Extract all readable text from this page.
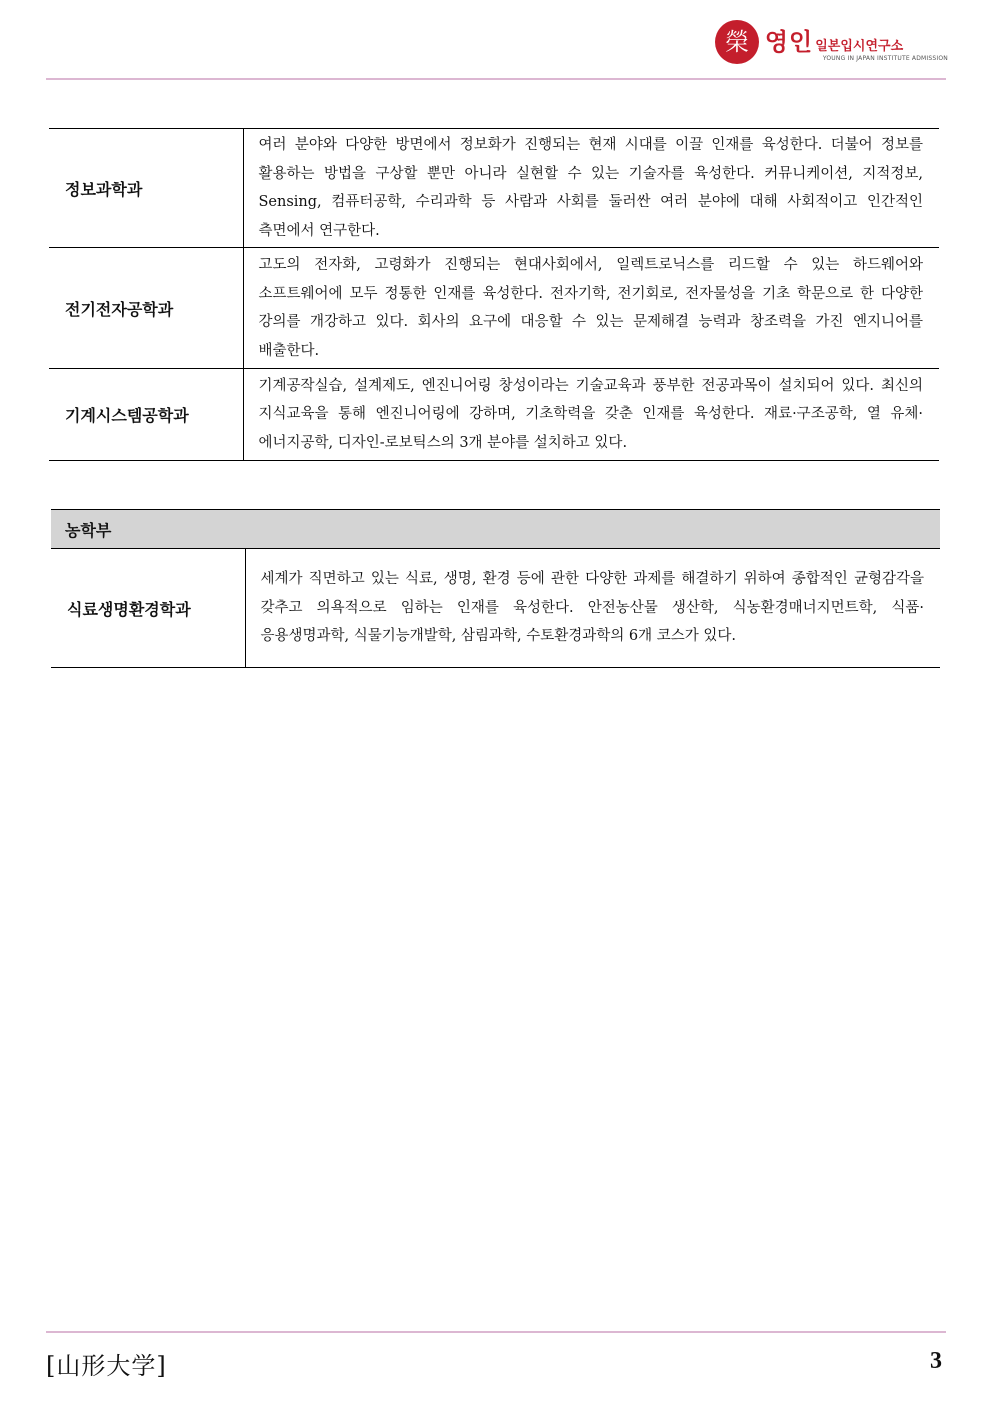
榮 영인 일본입시연구소
YOUNG IN JAPAN INSTITUTE ADMISSION
정보과학과	여러 분야와 다양한 방면에서 정보화가 진행되는 현재 시대를 이끌 인재를 육성한다. 더불어 정보를 활용하는 방법을 구상할 뿐만 아니라 실현할 수 있는 기술자를 육성한다. 커뮤니케이션, 지적정보, Sensing, 컴퓨터공학, 수리과학 등 사람과 사회를 둘러싼 여러 분야에 대해 사회적이고 인간적인 측면에서 연구한다.
전기전자공학과	고도의 전자화, 고령화가 진행되는 현대사회에서, 일렉트로닉스를 리드할 수 있는 하드웨어와 소프트웨어에 모두 정통한 인재를 육성한다. 전자기학, 전기회로, 전자물성을 기초 학문으로 한 다양한 강의를 개강하고 있다. 회사의 요구에 대응할 수 있는 문제해결 능력과 창조력을 가진 엔지니어를 배출한다.
기계시스템공학과	기계공작실습, 설계제도, 엔진니어링 창성이라는 기술교육과 풍부한 전공과목이 설치되어 있다. 최신의 지식교육을 통해 엔진니어링에 강하며, 기초학력을 갖춘 인재를 육성한다. 재료·구조공학, 열 유체·에너지공학, 디자인-로보틱스의 3개 분야를 설치하고 있다.
농학부
식료생명환경학과	세계가 직면하고 있는 식료, 생명, 환경 등에 관한 다양한 과제를 해결하기 위하여 종합적인 균형감각을 갖추고 의욕적으로 임하는 인재를 육성한다. 안전농산물 생산학, 식농환경매너지먼트학, 식품·응용생명과학, 식물기능개발학, 삼림과학, 수토환경과학의 6개 코스가 있다.
[山形大学]	3
